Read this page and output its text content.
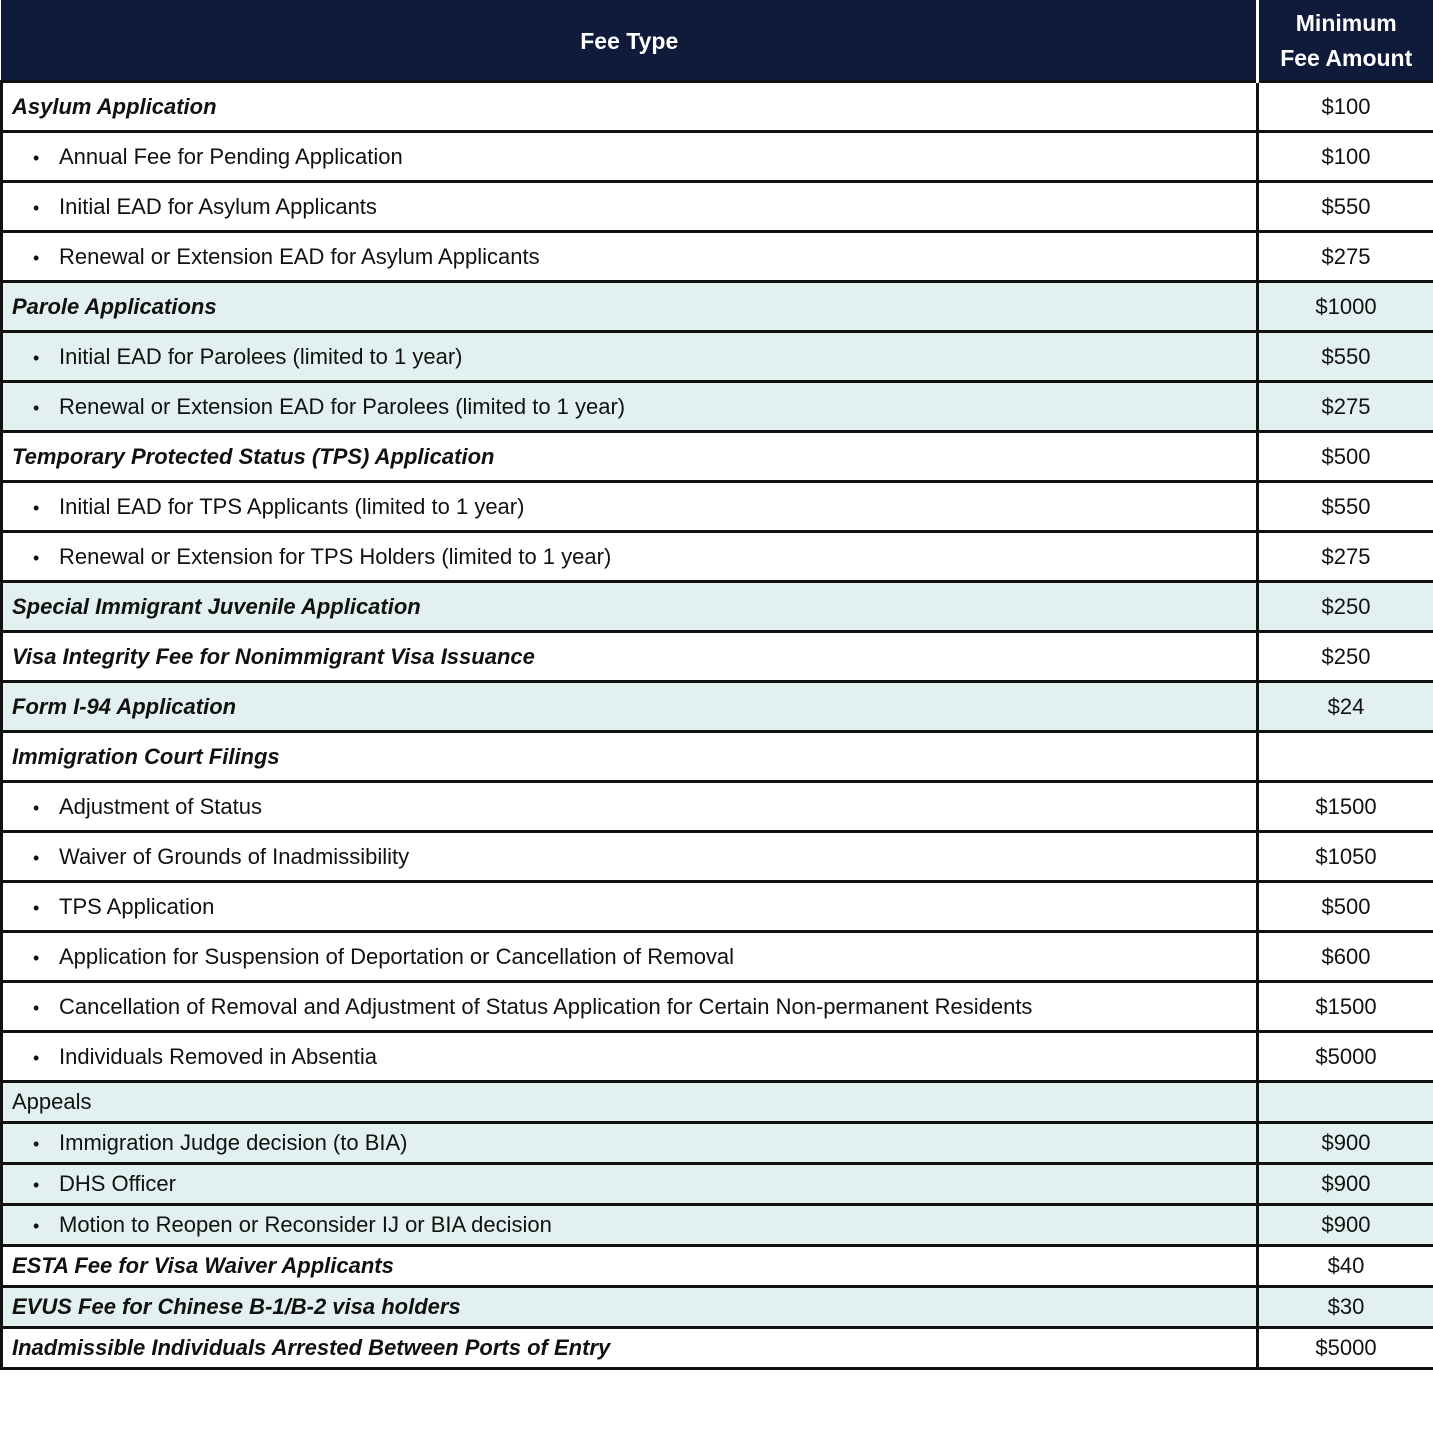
Fee Type	Minimum
Fee Amount
Asylum Application	$100
• Annual Fee for Pending Application	$100
• Initial EAD for Asylum Applicants	$550
• Renewal or Extension EAD for Asylum Applicants	$275
Parole Applications	$1000
• Initial EAD for Parolees (limited to 1 year)	$550
• Renewal or Extension EAD for Parolees (limited to 1 year)	$275
Temporary Protected Status (TPS) Application	$500
• Initial EAD for TPS Applicants (limited to 1 year)	$550
• Renewal or Extension for TPS Holders (limited to 1 year)	$275
Special Immigrant Juvenile Application	$250
Visa Integrity Fee for Nonimmigrant Visa Issuance	$250
Form I-94 Application	$24
Immigration Court Filings	
• Adjustment of Status	$1500
• Waiver of Grounds of Inadmissibility	$1050
• TPS Application	$500
• Application for Suspension of Deportation or Cancellation of Removal	$600
• Cancellation of Removal and Adjustment of Status Application for Certain Non-permanent Residents	$1500
• Individuals Removed in Absentia	$5000
Appeals	
• Immigration Judge decision (to BIA)	$900
• DHS Officer	$900
• Motion to Reopen or Reconsider IJ or BIA decision	$900
ESTA Fee for Visa Waiver Applicants	$40
EVUS Fee for Chinese B-1/B-2 visa holders	$30
Inadmissible Individuals Arrested Between Ports of Entry	$5000
